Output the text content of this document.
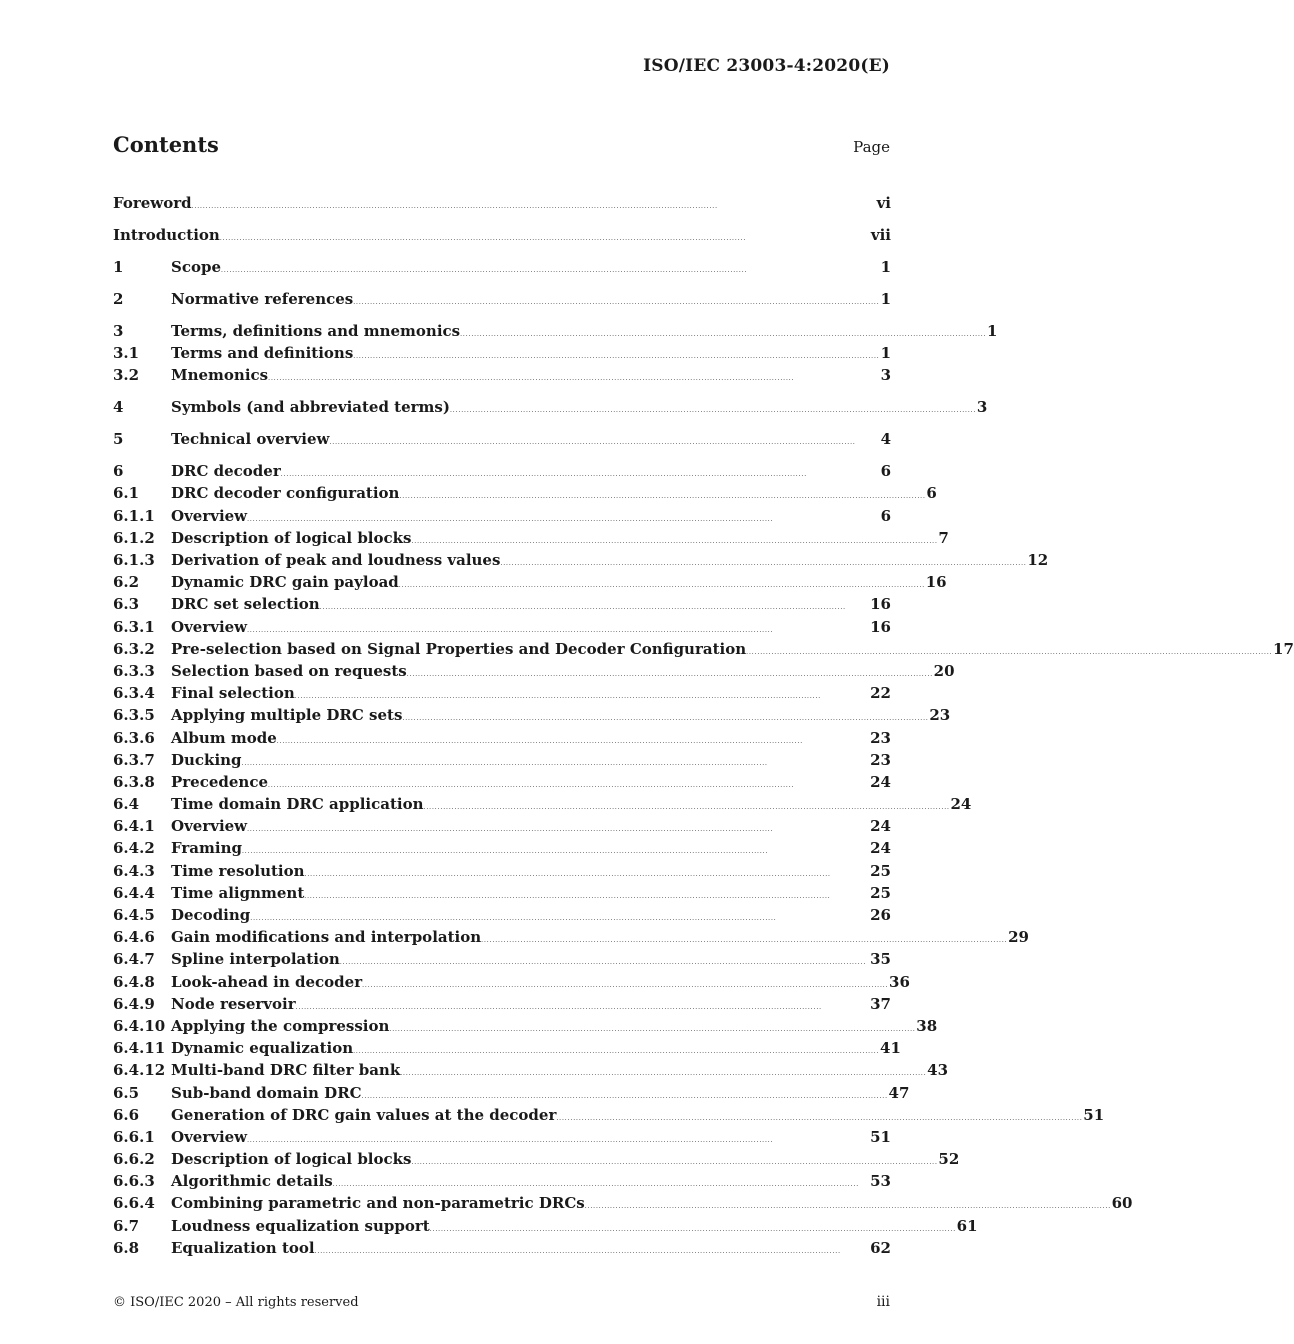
ISO/IEC 23003-4:2020(E)
Contents	Page
Foreword . . .	vi
Introduction . . .	vii
1	Scope . . .	1
2	Normative references . . .	1
3	Terms, definitions and mnemonics . . .	1
3.1	Terms and definitions . . .	1
3.2	Mnemonics . . .	3
4	Symbols (and abbreviated terms) . . .	3
5	Technical overview . . .	4
6	DRC decoder . . .	6
6.1	DRC decoder configuration . . .	6
6.1.1	Overview . . .	6
6.1.2	Description of logical blocks . . .	7
6.1.3	Derivation of peak and loudness values . . .	12
6.2	Dynamic DRC gain payload . . .	16
6.3	DRC set selection . . .	16
6.3.1	Overview . . .	16
6.3.2	Pre-selection based on Signal Properties and Decoder Configuration . . .	17
6.3.3	Selection based on requests . . .	20
6.3.4	Final selection . . .	22
6.3.5	Applying multiple DRC sets . . .	23
6.3.6	Album mode . . .	23
6.3.7	Ducking . . .	23
6.3.8	Precedence . . .	24
6.4	Time domain DRC application . . .	24
6.4.1	Overview . . .	24
6.4.2	Framing . . .	24
6.4.3	Time resolution . . .	25
6.4.4	Time alignment . . .	25
6.4.5	Decoding . . .	26
6.4.6	Gain modifications and interpolation . . .	29
6.4.7	Spline interpolation . . .	35
6.4.8	Look-ahead in decoder . . .	36
6.4.9	Node reservoir . . .	37
6.4.10 Applying the compression . . .	38
6.4.11 Dynamic equalization . . .	41
6.4.12 Multi-band DRC filter bank . . .	43
6.5	Sub-band domain DRC . . .	47
6.6	Generation of DRC gain values at the decoder . . .	51
6.6.1	Overview . . .	51
6.6.2	Description of logical blocks . . .	52
6.6.3	Algorithmic details . . .	53
6.6.4	Combining parametric and non-parametric DRCs . . .	60
6.7	Loudness equalization support . . .	61
6.8	Equalization tool . . .	62
© ISO/IEC 2020 – All rights reserved	iii
